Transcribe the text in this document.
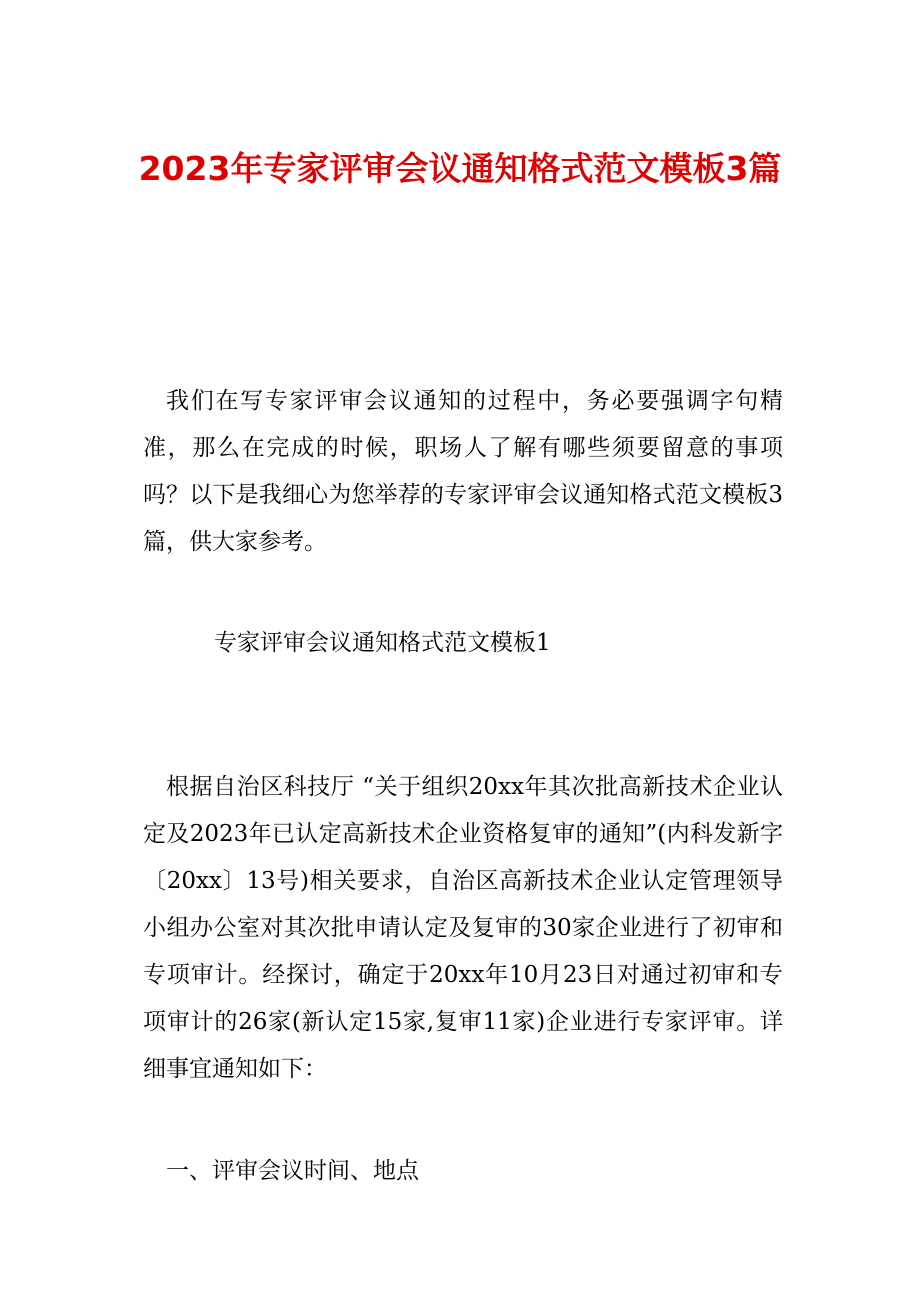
2023年专家评审会议通知格式范文模板3篇
我们在写专家评审会议通知的过程中，务必要强调字句精准，那么在完成的时候，职场人了解有哪些须要留意的事项吗？以下是我细心为您举荐的专家评审会议通知格式范文模板3篇，供大家参考。
专家评审会议通知格式范文模板1
根据自治区科技厅 “关于组织20xx年其次批高新技术企业认定及2023年已认定高新技术企业资格复审的通知”(内科发新字〔20xx〕13号)相关要求，自治区高新技术企业认定管理领导小组办公室对其次批申请认定及复审的30家企业进行了初审和专项审计。经探讨，确定于20xx年10月23日对通过初审和专项审计的26家(新认定15家,复审11家)企业进行专家评审。详细事宜通知如下：
一、评审会议时间、地点
